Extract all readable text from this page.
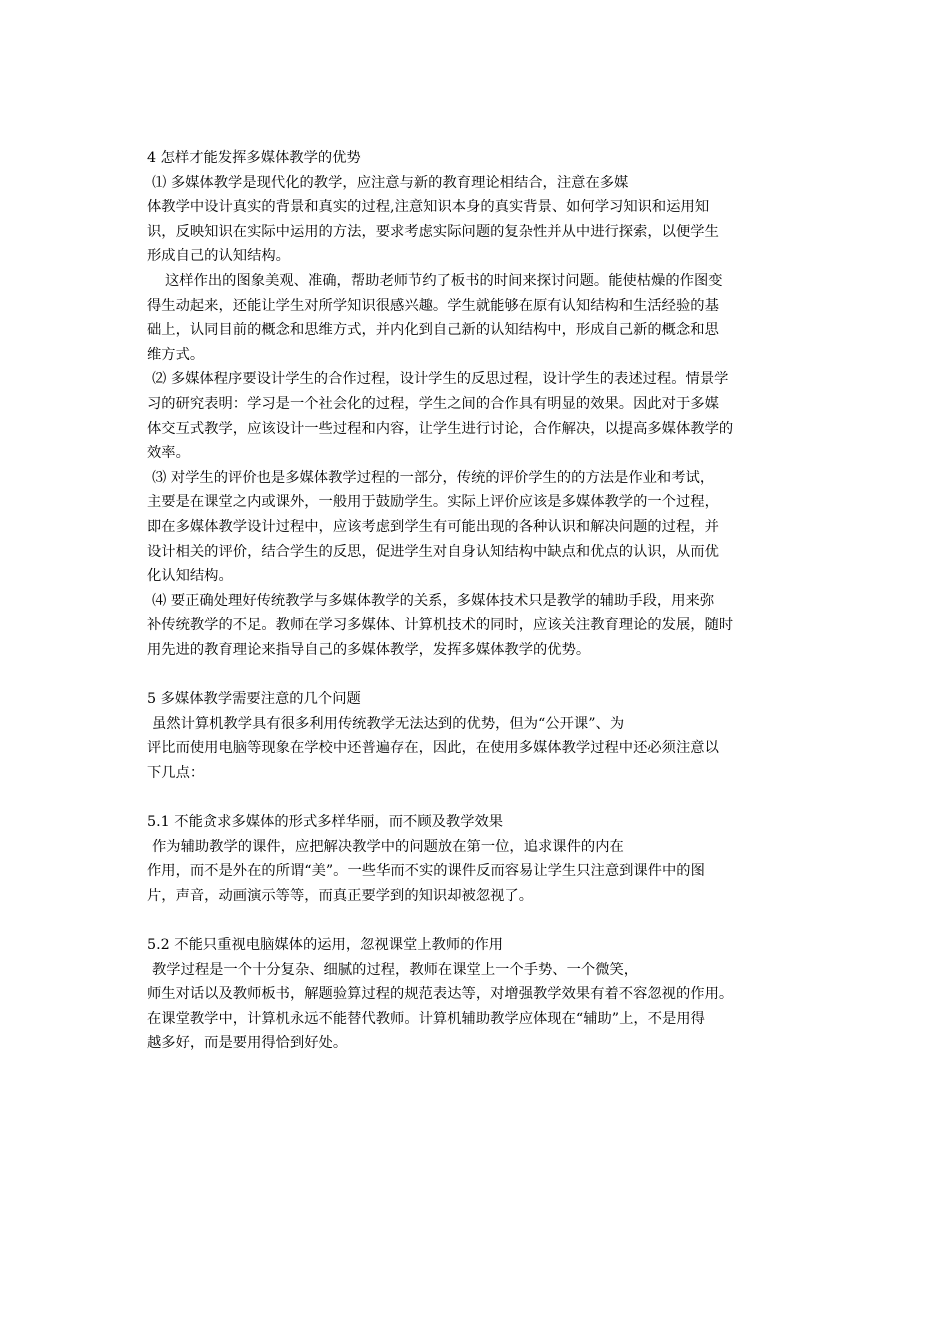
4 怎样才能发挥多媒体教学的优势
⑴ 多媒体教学是现代化的教学，应注意与新的教育理论相结合，注意在多媒
体教学中设计真实的背景和真实的过程,注意知识本身的真实背景、如何学习知识和运用知
识，反映知识在实际中运用的方法，要求考虑实际问题的复杂性并从中进行探索，以便学生
形成自己的认知结构。
这样作出的图象美观、准确，帮助老师节约了板书的时间来探讨问题。能使枯燥的作图变
得生动起来，还能让学生对所学知识很感兴趣。学生就能够在原有认知结构和生活经验的基
础上，认同目前的概念和思维方式，并内化到自己新的认知结构中，形成自己新的概念和思
维方式。
⑵ 多媒体程序要设计学生的合作过程，设计学生的反思过程，设计学生的表述过程。情景学
习的研究表明：学习是一个社会化的过程，学生之间的合作具有明显的效果。因此对于多媒
体交互式教学，应该设计一些过程和内容，让学生进行讨论，合作解决，以提高多媒体教学的
效率。
⑶ 对学生的评价也是多媒体教学过程的一部分，传统的评价学生的的方法是作业和考试，
主要是在课堂之内或课外，一般用于鼓励学生。实际上评价应该是多媒体教学的一个过程，
即在多媒体教学设计过程中，应该考虑到学生有可能出现的各种认识和解决问题的过程，并
设计相关的评价，结合学生的反思，促进学生对自身认知结构中缺点和优点的认识，从而优
化认知结构。
⑷ 要正确处理好传统教学与多媒体教学的关系，多媒体技术只是教学的辅助手段，用来弥
补传统教学的不足。教师在学习多媒体、计算机技术的同时，应该关注教育理论的发展，随时
用先进的教育理论来指导自己的多媒体教学，发挥多媒体教学的优势。
5 多媒体教学需要注意的几个问题
虽然计算机教学具有很多利用传统教学无法达到的优势，但为“公开课”、为
评比而使用电脑等现象在学校中还普遍存在，因此，在使用多媒体教学过程中还必须注意以
下几点：
5.1 不能贪求多媒体的形式多样华丽，而不顾及教学效果
作为辅助教学的课件，应把解决教学中的问题放在第一位，追求课件的内在
作用，而不是外在的所谓“美”。一些华而不实的课件反而容易让学生只注意到课件中的图
片，声音，动画演示等等，而真正要学到的知识却被忽视了。
5.2 不能只重视电脑媒体的运用，忽视课堂上教师的作用
教学过程是一个十分复杂、细腻的过程，教师在课堂上一个手势、一个微笑，
师生对话以及教师板书，解题验算过程的规范表达等，对增强教学效果有着不容忽视的作用。
在课堂教学中，计算机永远不能替代教师。计算机辅助教学应体现在“辅助”上，不是用得
越多好，而是要用得恰到好处。
